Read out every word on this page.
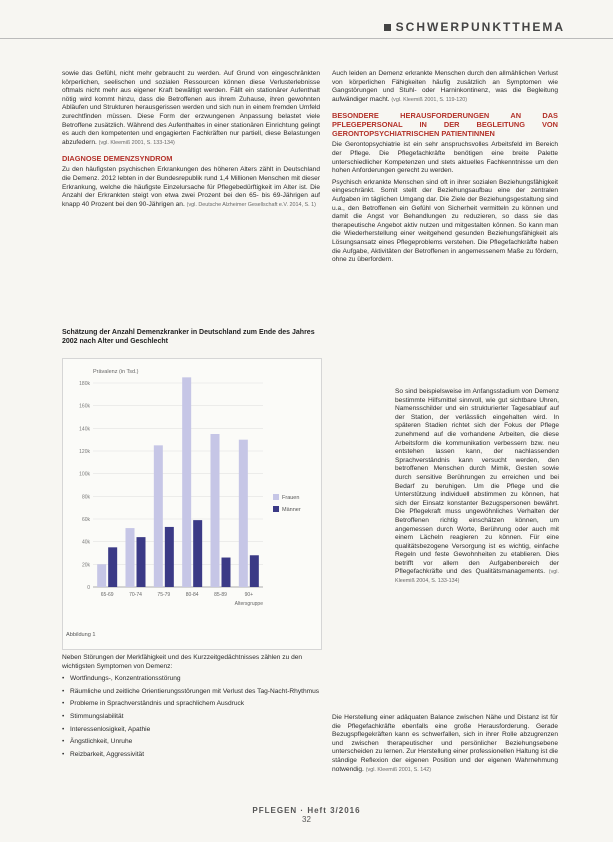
SCHWERPUNKTTHEMA

sowie das Gefühl, nicht mehr gebraucht zu werden. Auf Grund von eingeschränkten körperlichen, seelischen und sozialen Ressourcen können diese Verlusterlebnisse oftmals nicht mehr aus eigener Kraft bewältigt werden. Fällt ein stationärer Aufenthalt nötig wird kommt hinzu, dass die Betroffenen aus ihrem Zuhause, ihren gewohnten Abläufen und Strukturen herausgerissen werden und sich nun in einem fremden Umfeld zurechtfinden müssen. Diese Form der erzwungenen Anpassung belastet viele Betroffene zusätzlich. Während des Aufenthaltes in einer stationären Einrichtung gelingt es auch den kompetenten und engagierten Fachkräften nur partiell, diese Belastungen abzufedern. (vgl. Kleemiß 2001, S. 133-134)

DIAGNOSE DEMENZSYNDROM

Zu den häufigsten psychischen Erkrankungen des höheren Alters zählt in Deutschland die Demenz. 2012 lebten in der Bundesrepublik rund 1,4 Millionen Menschen mit dieser Erkrankung, welche die häufigste Einzelursache für Pflegebedürftigkeit im Alter ist. Die Anzahl der Erkrankten steigt von etwa zwei Prozent bei den 65- bis 69-Jährigen auf knapp 40 Prozent bei den 90-Jährigen an. (vgl. Deutsche Alzheimer Gesellschaft e.V. 2014, S. 1)

Schätzung der Anzahl Demenzkranker in Deutschland zum Ende des Jahres 2002 nach Alter und Geschlecht
Prävalenz (in Tsd.)
0
20k
40k
60k
80k
100k
120k
140k
160k
180k
65-69	70-74	75-79	80-84	85-89	90+
Altersgruppe
Frauen
Männer
Abbildung 1

Neben Störungen der Merkfähigkeit und des Kurzzeitgedächtnisses zählen zu den wichtigsten Symptomen von Demenz:

• Wortfindungs-, Konzentrationsstörung
• Räumliche und zeitliche Orientierungsstörungen mit Verlust des Tag-Nacht-Rhythmus
• Probleme in Sprachverständnis und sprachlichem Ausdruck
• Stimmungslabilität
• Interessenlosigkeit, Apathie
• Ängstlichkeit, Unruhe
• Reizbarkeit, Aggressivität

Auch leiden an Demenz erkrankte Menschen durch den allmählichen Verlust von körperlichen Fähigkeiten häufig zusätzlich an Symptomen wie Gangstörungen und Stuhl- oder Harninkontinenz, was die Begleitung aufwändiger macht. (vgl. Kleemiß 2001, S. 119-120)

BESONDERE HERAUSFORDERUNGEN AN DAS PFLEGEPERSONAL IN DER BEGLEITUNG VON GERONTOPSYCHIATRISCHEN PATIENTINNEN

Die Gerontopsychiatrie ist ein sehr anspruchsvolles Arbeitsfeld im Bereich der Pflege. Die Pflegefachkräfte benötigen eine breite Palette unterschiedlicher Kompetenzen und stets aktuelles Fachkenntnisse um den hohen Anforderungen gerecht zu werden.

Psychisch erkrankte Menschen sind oft in ihrer sozialen Beziehungsfähigkeit eingeschränkt. Somit stellt der Beziehungsaufbau eine der zentralen Aufgaben im täglichen Umgang dar. Die Ziele der Beziehungsgestaltung sind u.a., den Betroffenen ein Gefühl von Sicherheit vermitteln zu können und damit die Angst vor Behandlungen zu reduzieren, so dass sie das therapeutische Angebot aktiv nutzen und mitgestalten können. So kann man die Wiederherstellung einer weitgehend gesunden Beziehungsfähigkeit als Lösungsansatz eines Pflegeproblems verstehen. Die Pflegefachkräfte haben die Aufgabe, Aktivitäten der Betroffenen in angemessenem Maße zu fördern, ohne zu überfordern.

So sind beispielsweise im Anfangsstadium von Demenz bestimmte Hilfsmittel sinnvoll, wie gut sichtbare Uhren, Namensschilder und ein strukturierter Tagesablauf auf der Station, der verlässlich eingehalten wird. In späteren Stadien richtet sich der Fokus der Pflege zunehmend auf die vorhandene Arbeiten, die diese Arbeitsform die kommunikation verbessern bzw. neu entstehen lassen kann, der nachlassenden Sprachverständnis kann versucht werden, den betroffenen Menschen durch Mimik, Gesten sowie durch sensitive Berührungen zu erreichen und bei Bedarf zu beruhigen. Um die Pflege und die Unterstützung individuell abstimmen zu können, hat sich der Einsatz konstanter Bezugspersonen bewährt. Die Pflegekraft muss ungewöhnliches Verhalten der Betroffenen richtig einschätzen können, um angemessen durch Worte, Berührung oder auch mit einem Lächeln reagieren zu können. Für eine qualitätsbezogene Versorgung ist es wichtig, einfache Regeln und feste Gewohnheiten zu etablieren. Dies betrifft vor allem den Aufgabenbereich der Pflegefachkräfte und des Qualitätsmanagements. (vgl. Kleemiß 2004, S. 133-134)

Die Herstellung einer adäquaten Balance zwischen Nähe und Distanz ist für die Pflegefachkräfte ebenfalls eine große Herausforderung. Gerade Bezugspflegekräften kann es schwerfallen, sich in ihrer Rolle abzugrenzen und zwischen therapeutischer und persönlicher Beziehungsebene unterscheiden zu lernen. Zur Herstellung einer professionellen Haltung ist die ständige Reflexion der eigenen Position und der eigenen Wahrnehmung notwendig. (vgl. Kleemiß 2001, S. 142)

PFLEGEN · Heft 3/2016
32
